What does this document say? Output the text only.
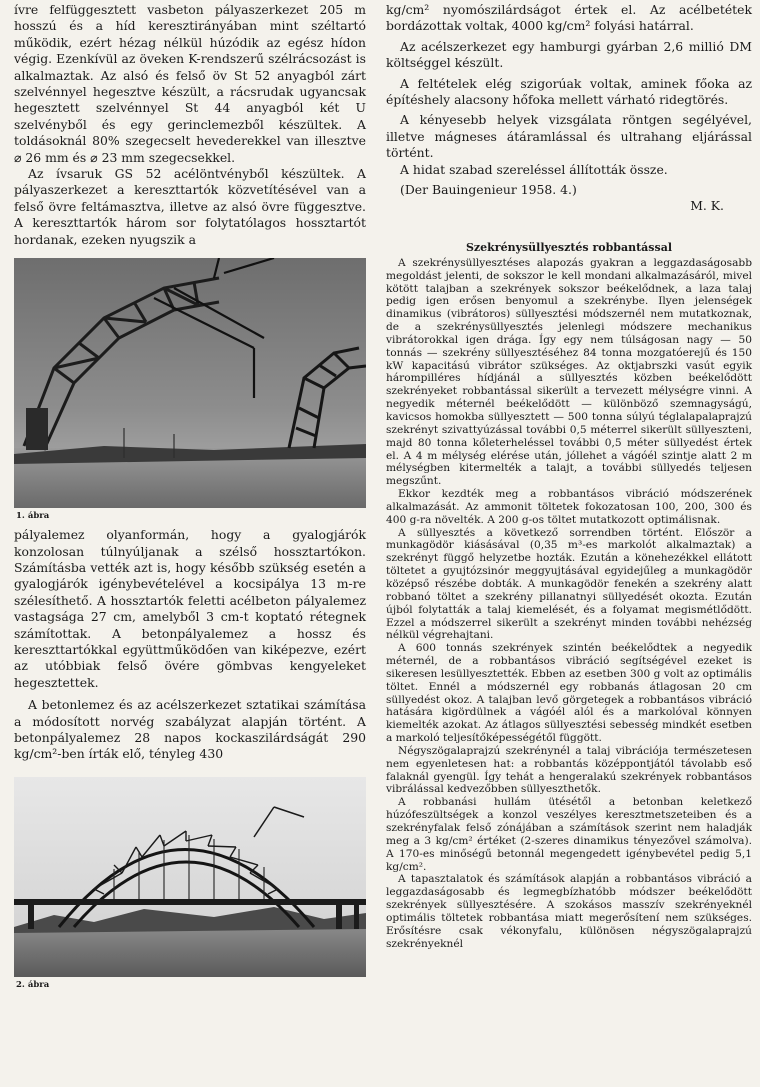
ívre felfüggesztett vasbeton pályaszerkezet 205 m hosszú és a híd keresztirányában mint széltartó működik, ezért hézag nélkül húzódik az egész hídon végig. Ezenkívül az öveken K-rendszerű szélrácsozást is alkalmaztak. Az alsó és felső öv St 52 anyagból zárt szelvénnyel hegesztve készült, a rácsrudak ugyancsak hegesztett szelvénnyel St 44 anyagból két U szelvényből és egy gerinclemezből készültek. A toldásoknál 80% szegecselt hevederekkel van illesztve ⌀ 26 mm és ⌀ 23 mm szegecsekkel.

Az ívsaruk GS 52 acélöntvényből készültek. A pályaszerkezet a kereszttartók közvetítésével van a felső övre feltámasztva, illetve az alsó övre függesztve. A kereszttartók három sor folytatólagos hossztartót hordanak, ezeken nyugszik a

1. ábra

pályalemez olyanformán, hogy a gyalogjárók konzolosan túlnyúljanak a szélső hossztartókon. Számításba vették azt is, hogy később szükség esetén a gyalogjárók igénybevételével a kocsipálya 13 m-re szélesíthető. A hossztartók feletti acélbeton pályalemez vastagsága 27 cm, amelyből 3 cm-t koptató rétegnek számítottak. A betonpályalemez a hossz és kereszttartókkal együttműködően van kiképezve, ezért az utóbbiak felső övére gömbvas kengyeleket hegesztettek.

A betonlemez és az acélszerkezet sztatikai számítása a módosított norvég szabályzat alapján történt. A betonpályalemez 28 napos kockaszilárdságát 290 kg/cm²-ben írták elő, tényleg 430

2. ábra

kg/cm² nyomószilárdságot értek el. Az acélbetétek bordázottak voltak, 4000 kg/cm² folyási határral.

Az acélszerkezet egy hamburgi gyárban 2,6 millió DM költséggel készült.

A feltételek elég szigorúak voltak, aminek főoka az építéshely alacsony hőfoka mellett várható ridegtörés.

A kényesebb helyek vizsgálata röntgen segélyével, illetve mágneses átáramlással és ultrahang eljárással történt.

A hidat szabad szereléssel állították össze.

(Der Bauingenieur 1958. 4.)

M. K.

Szekrénysüllyesztés robbantással

A szekrénysüllyesztéses alapozás gyakran a leggazdaságosabb megoldást jelenti, de sokszor le kell mondani alkalmazásáról, mivel kötött talajban a szekrények sokszor beékelődnek, a laza talaj pedig igen erősen benyomul a szekrénybe. Ilyen jelenségek dinamikus (vibrátoros) süllyesztési módszernél nem mutatkoznak, de a szekrénysüllyesztés jelenlegi módszere mechanikus vibrátorokkal igen drága. Így egy nem túlságosan nagy — 50 tonnás — szekrény süllyesztéséhez 84 tonna mozgatóerejű és 150 kW kapacitású vibrátor szükséges. Az oktjabrszki vasút egyik hárompilléres hídjánál a süllyesztés közben beékelődött szekrényeket robbantással sikerült a tervezett mélységre vinni. A negyedik méternél beékelődött — különböző szemnagyságú, kavicsos homokba süllyesztett — 500 tonna súlyú téglalapalaprajzú szekrényt szivattyúzással további 0,5 méterrel sikerült süllyeszteni, majd 80 tonna kőleterheléssel további 0,5 méter süllyedést értek el. A 4 m mélység elérése után, jóllehet a vágóél szintje alatt 2 m mélységben kitermelték a talajt, a további süllyedés teljesen megszűnt.

Ekkor kezdték meg a robbantásos vibráció módszerének alkalmazását. Az ammonit töltetek fokozatosan 100, 200, 300 és 400 g-ra növelték. A 200 g-os töltet mutatkozott optimálisnak.

A süllyesztés a következő sorrendben történt. Először a munkagödör kiásásával (0,35 m³-es markolót alkalmaztak) a szekrényt függő helyzetbe hozták. Ezután a könehezékkel ellátott töltetet a gyujtózsinór meggyujtásával egyidejűleg a munkagödör középső részébe dobták. A munkagödör fenekén a szekrény alatt robbanó töltet a szekrény pillanatnyi süllyedését okozta. Ezután újból folytatták a talaj kiemelését, és a folyamat megismétlődött. Ezzel a módszerrel sikerült a szekrényt minden további nehézség nélkül végrehajtani.

A 600 tonnás szekrények szintén beékelődtek a negyedik méternél, de a robbantásos vibráció segítségével ezeket is sikeresen lesüllyesztették. Ebben az esetben 300 g volt az optimális töltet. Ennél a módszernél egy robbanás átlagosan 20 cm süllyedést okoz. A talajban levő görgetegek a robbantásos vibráció hatására kigördülnek a vágóél alól és a markolóval könnyen kiemelték azokat. Az átlagos süllyesztési sebesség mindkét esetben a markoló teljesítőképességétől függött.

Négyszögalaprajzú szekrénynél a talaj vibrációja természetesen nem egyenletesen hat: a robbantás középpontjától távolabb eső falaknál gyengül. Így tehát a hengeralakú szekrények robbantásos vibrálással kedvezőbben süllyeszthetők.

A robbanási hullám ütésétől a betonban keletkező húzófeszültségek a konzol veszélyes keresztmetszeteiben és a szekrényfalak felső zónájában a számítások szerint nem haladják meg a 3 kg/cm² értéket (2-szeres dinamikus tényezővel számolva). A 170-es minőségű betonnál megengedett igénybevétel pedig 5,1 kg/cm².

A tapasztalatok és számítások alapján a robbantásos vibráció a leggazdaságosabb és legmegbízhatóbb módszer beékelődött szekrények süllyesztésére. A szokásos masszív szekrényeknél optimális töltetek robbantása miatt megerősítení nem szükséges. Erősítésre csak vékonyfalu, különösen négyszögalaprajzú szekrényeknél
